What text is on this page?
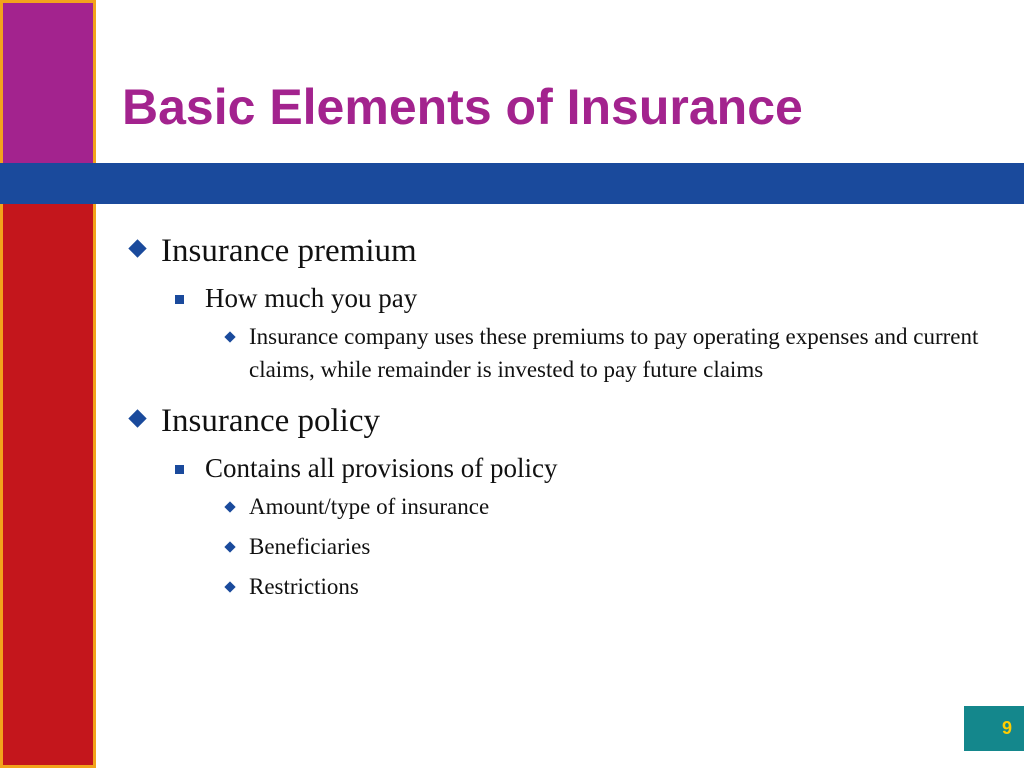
Basic Elements of Insurance

Insurance premium

How much you pay

Insurance company uses these premiums to pay operating expenses and current claims, while remainder is invested to pay future claims

Insurance policy

Contains all provisions of policy

Amount/type of insurance

Beneficiaries

Restrictions

9
